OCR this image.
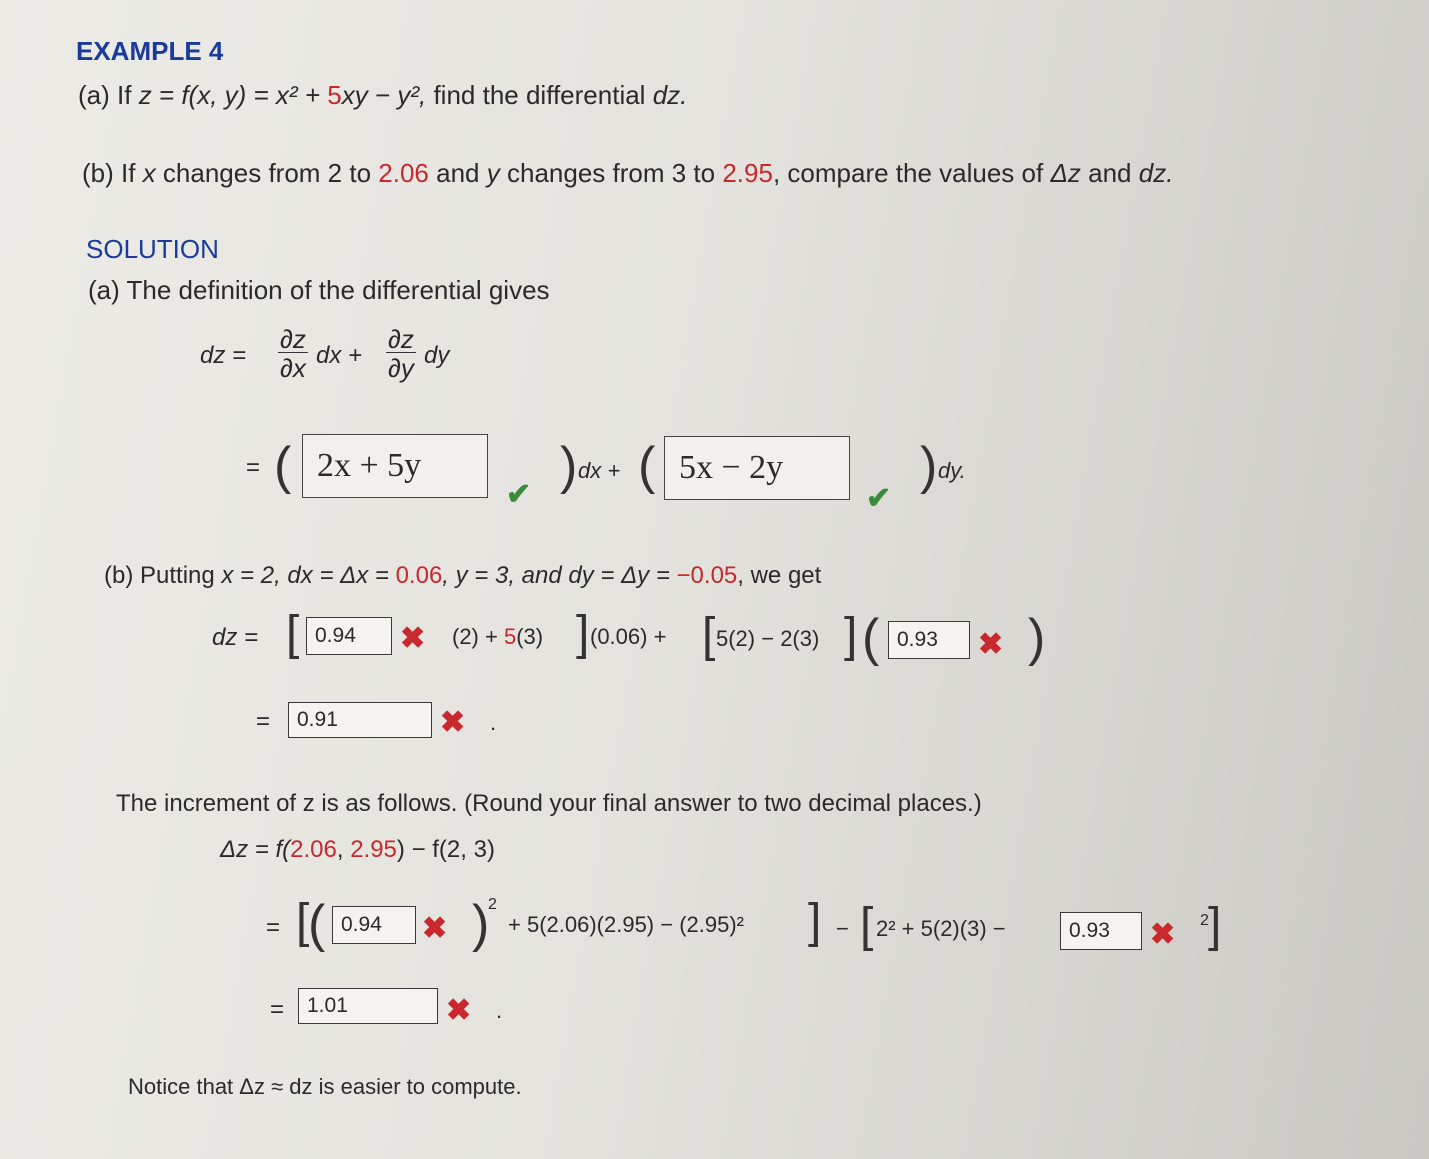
EXAMPLE 4
(a) If z = f(x, y) = x² + 5xy − y², find the differential dz.
(b) If x changes from 2 to 2.06 and y changes from 3 to 2.95, compare the values of Δz and dz.
SOLUTION
(a) The definition of the differential gives
dz = $\frac{\partial z}{\partial x}$ dx + $\frac{\partial z}{\partial y}$ dy
= ( 2x + 5y
✔ ) dx + ( 5x − 2y
✔
) dy.
(b) Putting x = 2, dx = Δx = 0.06, y = 3, and dy = Δy = −0.05, we get
dz = [ 0.94	✖ (2) + 5(3) ] (0.06) + [ 5(2) − 2(3) ] ( 0.93	✖ )
=	0.91	✖ .
The increment of z is as follows. (Round your final answer to two decimal places.)
Δz = f(2.06, 2.95) − f(2, 3)
= [
( 0.94	✖ )
2
+ 5(2.06)(2.95) − (2.95)² ] − [ 2² + 5(2)(3) −	0.93	✖ 2 ]
=	1.01	✖ .
Notice that Δz ≈ dz is easier to compute.
